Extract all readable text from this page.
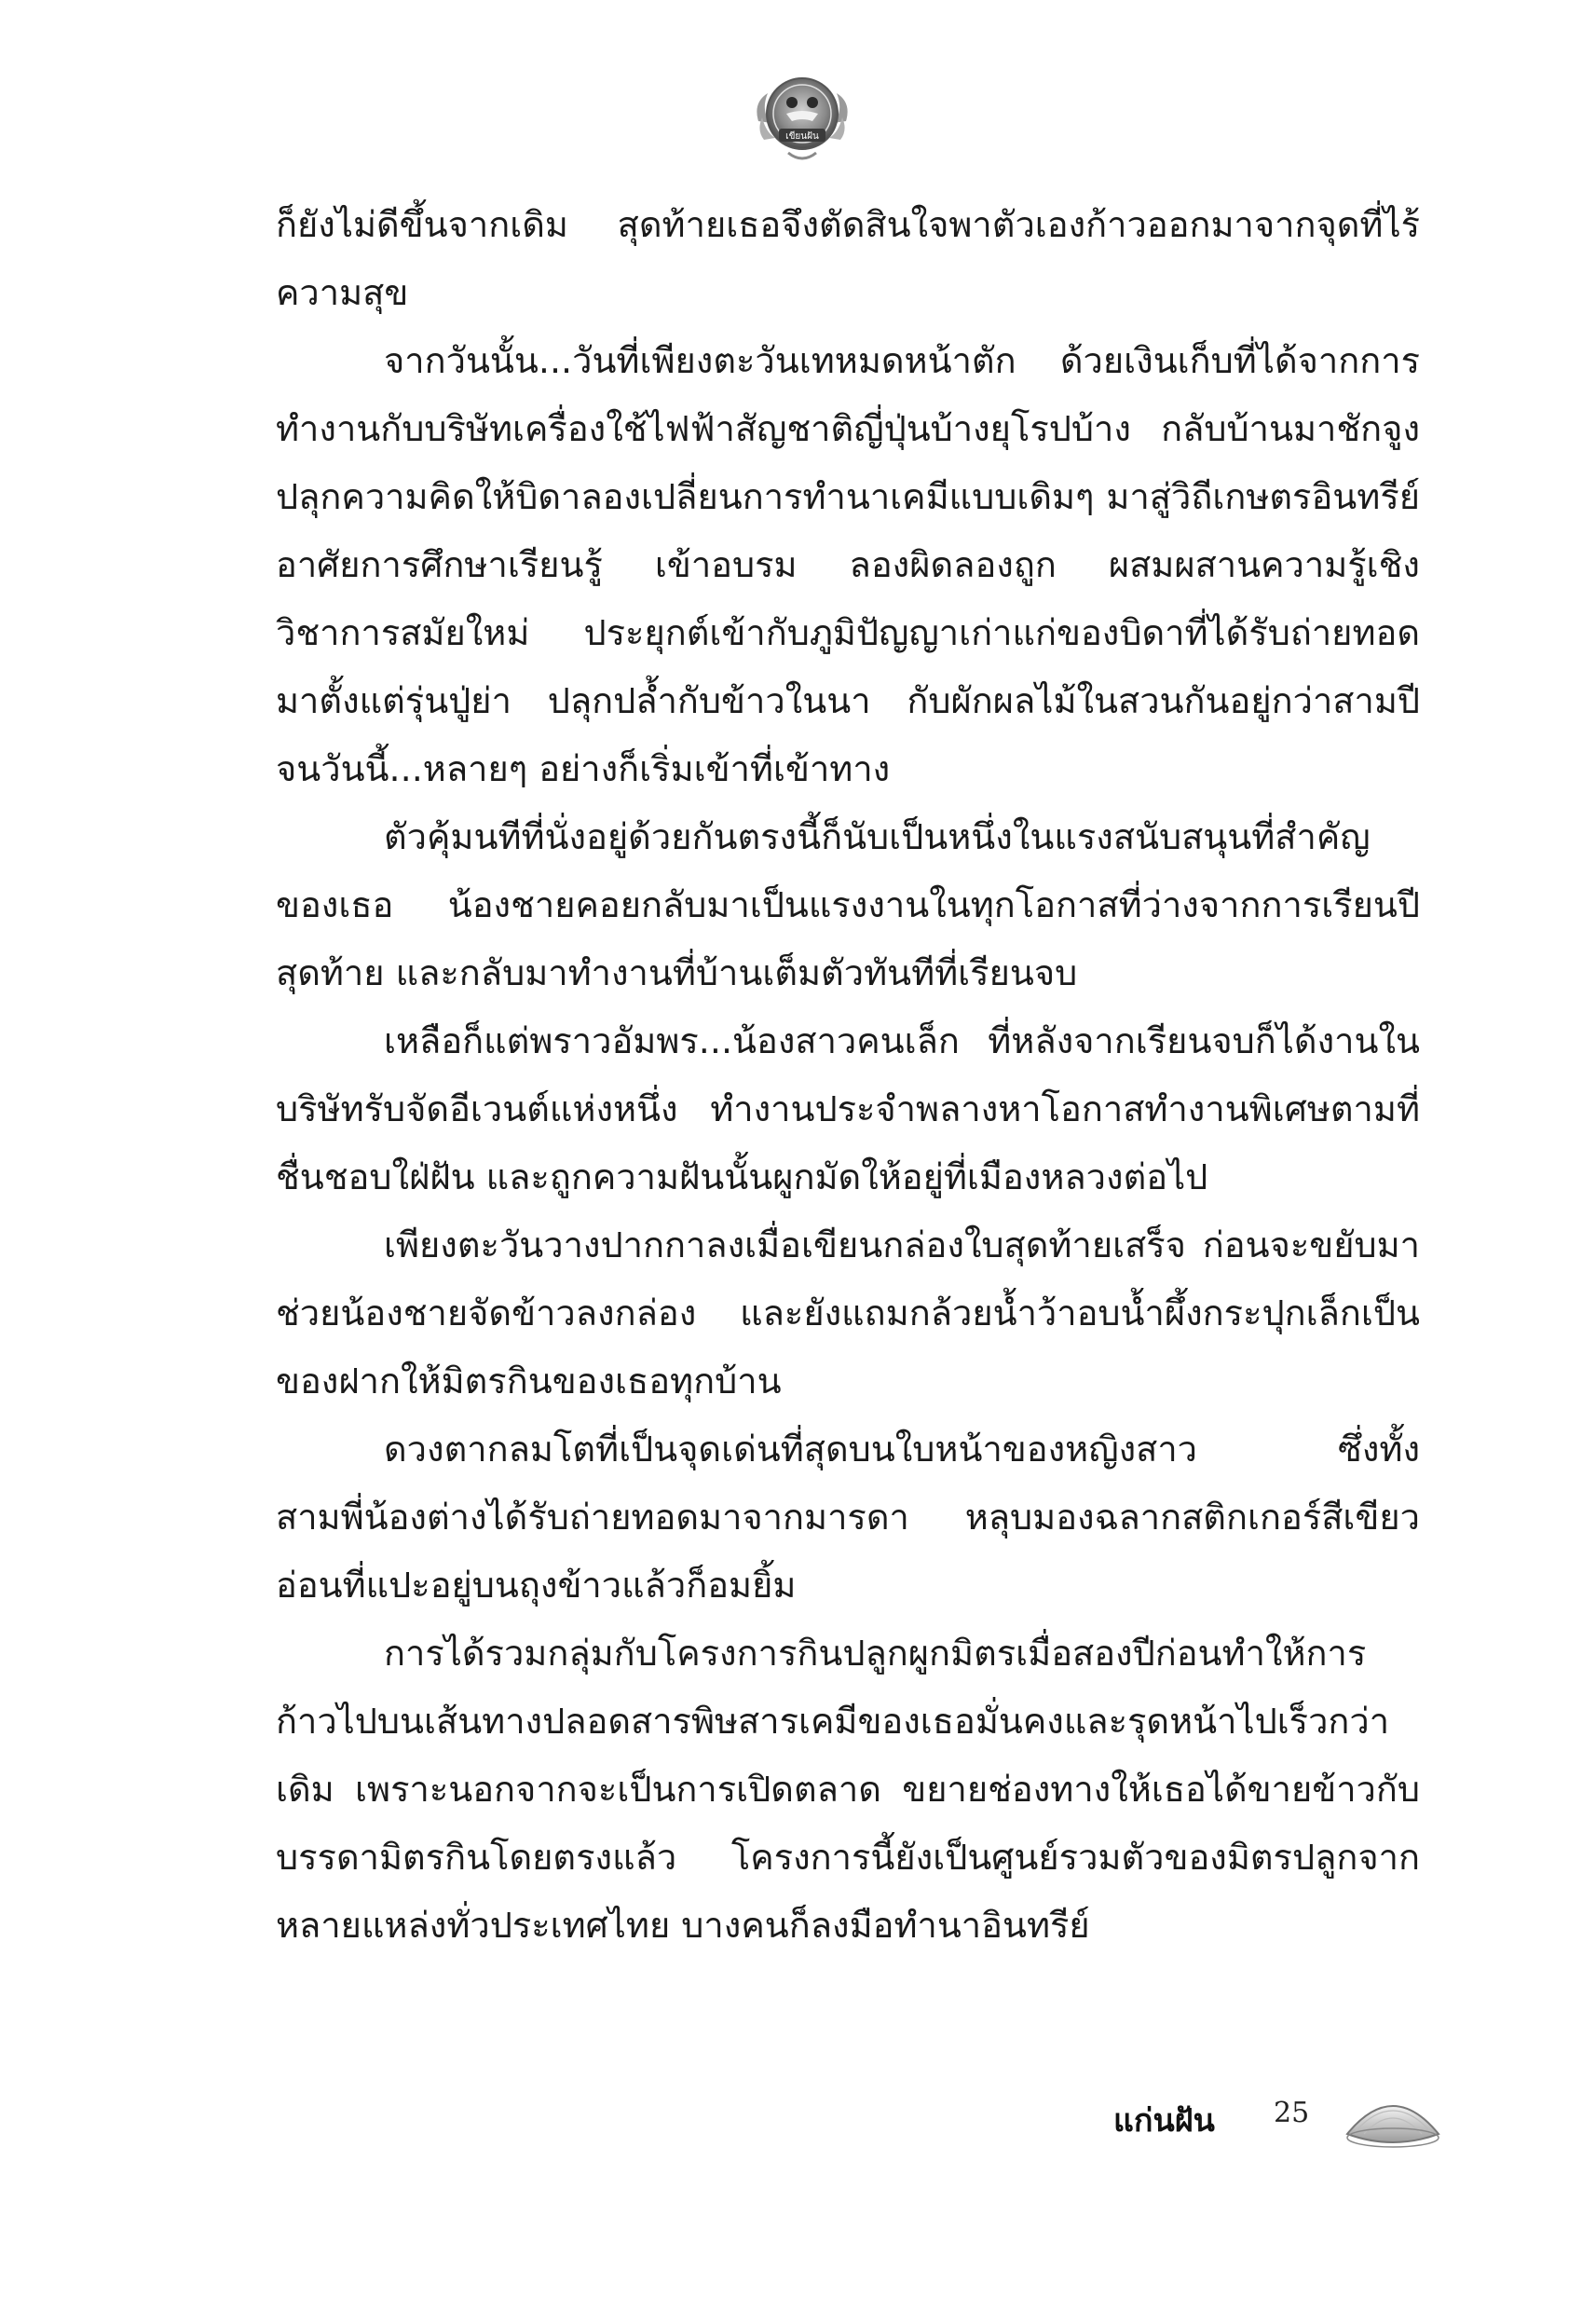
เขียนฝัน

ก็ยังไม่ดีขึ้นจากเดิม สุดท้ายเธอจึงตัดสินใจพาตัวเองก้าวออกมาจากจุดที่ไร้ความสุข

จากวันนั้น...วันที่เพียงตะวันเทหมดหน้าตัก ด้วยเงินเก็บที่ได้จากการทำงานกับบริษัทเครื่องใช้ไฟฟ้าสัญชาติญี่ปุ่นบ้างยุโรปบ้าง กลับบ้านมาชักจูงปลุกความคิดให้บิดาลองเปลี่ยนการทำนาเคมีแบบเดิมๆ มาสู่วิถีเกษตรอินทรีย์ อาศัยการศึกษาเรียนรู้ เข้าอบรม ลองผิดลองถูก ผสมผสานความรู้เชิงวิชาการสมัยใหม่ ประยุกต์เข้ากับภูมิปัญญาเก่าแก่ของบิดาที่ได้รับถ่ายทอดมาตั้งแต่รุ่นปู่ย่า ปลุกปล้ำกับข้าวในนา กับผักผลไม้ในสวนกันอยู่กว่าสามปี จนวันนี้...หลายๆ อย่างก็เริ่มเข้าที่เข้าทาง

ตัวคุ้มนทีที่นั่งอยู่ด้วยกันตรงนี้ก็นับเป็นหนึ่งในแรงสนับสนุนที่สำคัญของเธอ น้องชายคอยกลับมาเป็นแรงงานในทุกโอกาสที่ว่างจากการเรียนปีสุดท้าย และกลับมาทำงานที่บ้านเต็มตัวทันทีที่เรียนจบ

เหลือก็แต่พราวอัมพร...น้องสาวคนเล็ก ที่หลังจากเรียนจบก็ได้งานในบริษัทรับจัดอีเวนต์แห่งหนึ่ง ทำงานประจำพลางหาโอกาสทำงานพิเศษตามที่ชื่นชอบใฝ่ฝัน และถูกความฝันนั้นผูกมัดให้อยู่ที่เมืองหลวงต่อไป

เพียงตะวันวางปากกาลงเมื่อเขียนกล่องใบสุดท้ายเสร็จ ก่อนจะขยับมาช่วยน้องชายจัดข้าวลงกล่อง และยังแถมกล้วยน้ำว้าอบน้ำผึ้งกระปุกเล็กเป็นของฝากให้มิตรกินของเธอทุกบ้าน

ดวงตากลมโตที่เป็นจุดเด่นที่สุดบนใบหน้าของหญิงสาว ซึ่งทั้งสามพี่น้องต่างได้รับถ่ายทอดมาจากมารดา หลุบมองฉลากสติกเกอร์สีเขียวอ่อนที่แปะอยู่บนถุงข้าวแล้วก็อมยิ้ม

การได้รวมกลุ่มกับโครงการกินปลูกผูกมิตรเมื่อสองปีก่อนทำให้การก้าวไปบนเส้นทางปลอดสารพิษสารเคมีของเธอมั่นคงและรุดหน้าไปเร็วกว่าเดิม เพราะนอกจากจะเป็นการเปิดตลาด ขยายช่องทางให้เธอได้ขายข้าวกับบรรดามิตรกินโดยตรงแล้ว โครงการนี้ยังเป็นศูนย์รวมตัวของมิตรปลูกจากหลายแหล่งทั่วประเทศไทย บางคนก็ลงมือทำนาอินทรีย์

แก่นฝัน 25
